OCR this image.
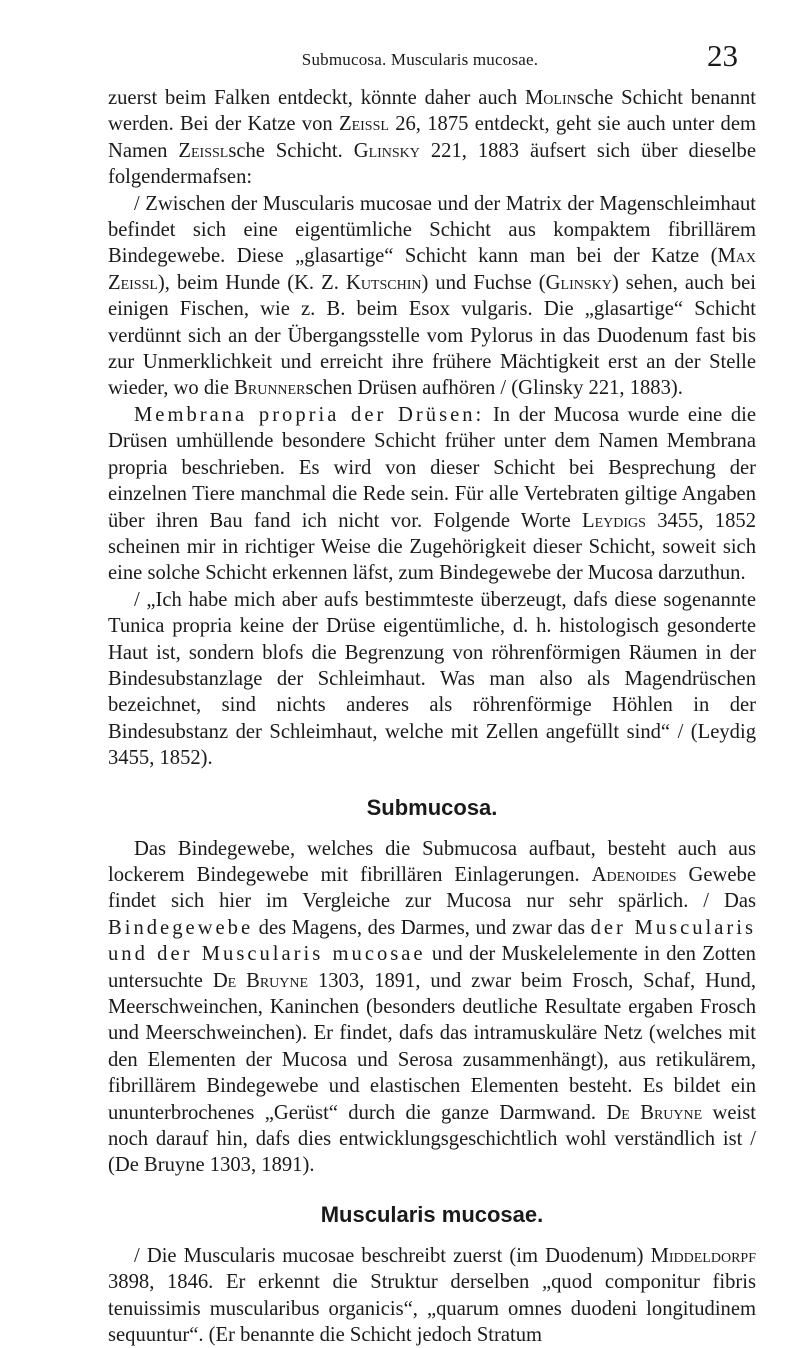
Submucosa. Muscularis mucosae.	23

zuerst beim Falken entdeckt, könnte daher auch Molinsche Schicht benannt werden. Bei der Katze von Zeissl 26, 1875 entdeckt, geht sie auch unter dem Namen Zeisslsche Schicht. Glinsky 221, 1883 äufsert sich über dieselbe folgendermafsen:

/ Zwischen der Muscularis mucosae und der Matrix der Magenschleimhaut befindet sich eine eigentümliche Schicht aus kompaktem fibrillärem Bindegewebe. Diese „glasartige“ Schicht kann man bei der Katze (Max Zeissl), beim Hunde (K. Z. Kutschin) und Fuchse (Glinsky) sehen, auch bei einigen Fischen, wie z. B. beim Esox vulgaris. Die „glasartige“ Schicht verdünnt sich an der Übergangsstelle vom Pylorus in das Duodenum fast bis zur Unmerklichkeit und erreicht ihre frühere Mächtigkeit erst an der Stelle wieder, wo die Brunnerschen Drüsen aufhören / (Glinsky 221, 1883).

Membrana propria der Drüsen: In der Mucosa wurde eine die Drüsen umhüllende besondere Schicht früher unter dem Namen Membrana propria beschrieben. Es wird von dieser Schicht bei Besprechung der einzelnen Tiere manchmal die Rede sein. Für alle Vertebraten giltige Angaben über ihren Bau fand ich nicht vor. Folgende Worte Leydigs 3455, 1852 scheinen mir in richtiger Weise die Zugehörigkeit dieser Schicht, soweit sich eine solche Schicht erkennen läfst, zum Bindegewebe der Mucosa darzuthun.

/ „Ich habe mich aber aufs bestimmteste überzeugt, dafs diese sogenannte Tunica propria keine der Drüse eigentümliche, d. h. histologisch gesonderte Haut ist, sondern blofs die Begrenzung von röhrenförmigen Räumen in der Bindesubstanzlage der Schleimhaut. Was man also als Magendrüschen bezeichnet, sind nichts anderes als röhrenförmige Höhlen in der Bindesubstanz der Schleimhaut, welche mit Zellen angefüllt sind“ / (Leydig 3455, 1852).

Submucosa.

Das Bindegewebe, welches die Submucosa aufbaut, besteht auch aus lockerem Bindegewebe mit fibrillären Einlagerungen. Adenoides Gewebe findet sich hier im Vergleiche zur Mucosa nur sehr spärlich. / Das Bindegewebe des Magens, des Darmes, und zwar das der Muscularis und der Muscularis mucosae und der Muskelelemente in den Zotten untersuchte De Bruyne 1303, 1891, und zwar beim Frosch, Schaf, Hund, Meerschweinchen, Kaninchen (besonders deutliche Resultate ergaben Frosch und Meerschweinchen). Er findet, dafs das intramuskuläre Netz (welches mit den Elementen der Mucosa und Serosa zusammenhängt), aus retikulärem, fibrillärem Bindegewebe und elastischen Elementen besteht. Es bildet ein ununterbrochenes „Gerüst“ durch die ganze Darmwand. De Bruyne weist noch darauf hin, dafs dies entwicklungsgeschichtlich wohl verständlich ist / (De Bruyne 1303, 1891).

Muscularis mucosae.

/ Die Muscularis mucosae beschreibt zuerst (im Duodenum) Middeldorpf 3898, 1846. Er erkennt die Struktur derselben „quod componitur fibris tenuissimis muscularibus organicis“, „quarum omnes duodeni longitudinem sequuntur“. (Er benannte die Schicht jedoch Stratum
